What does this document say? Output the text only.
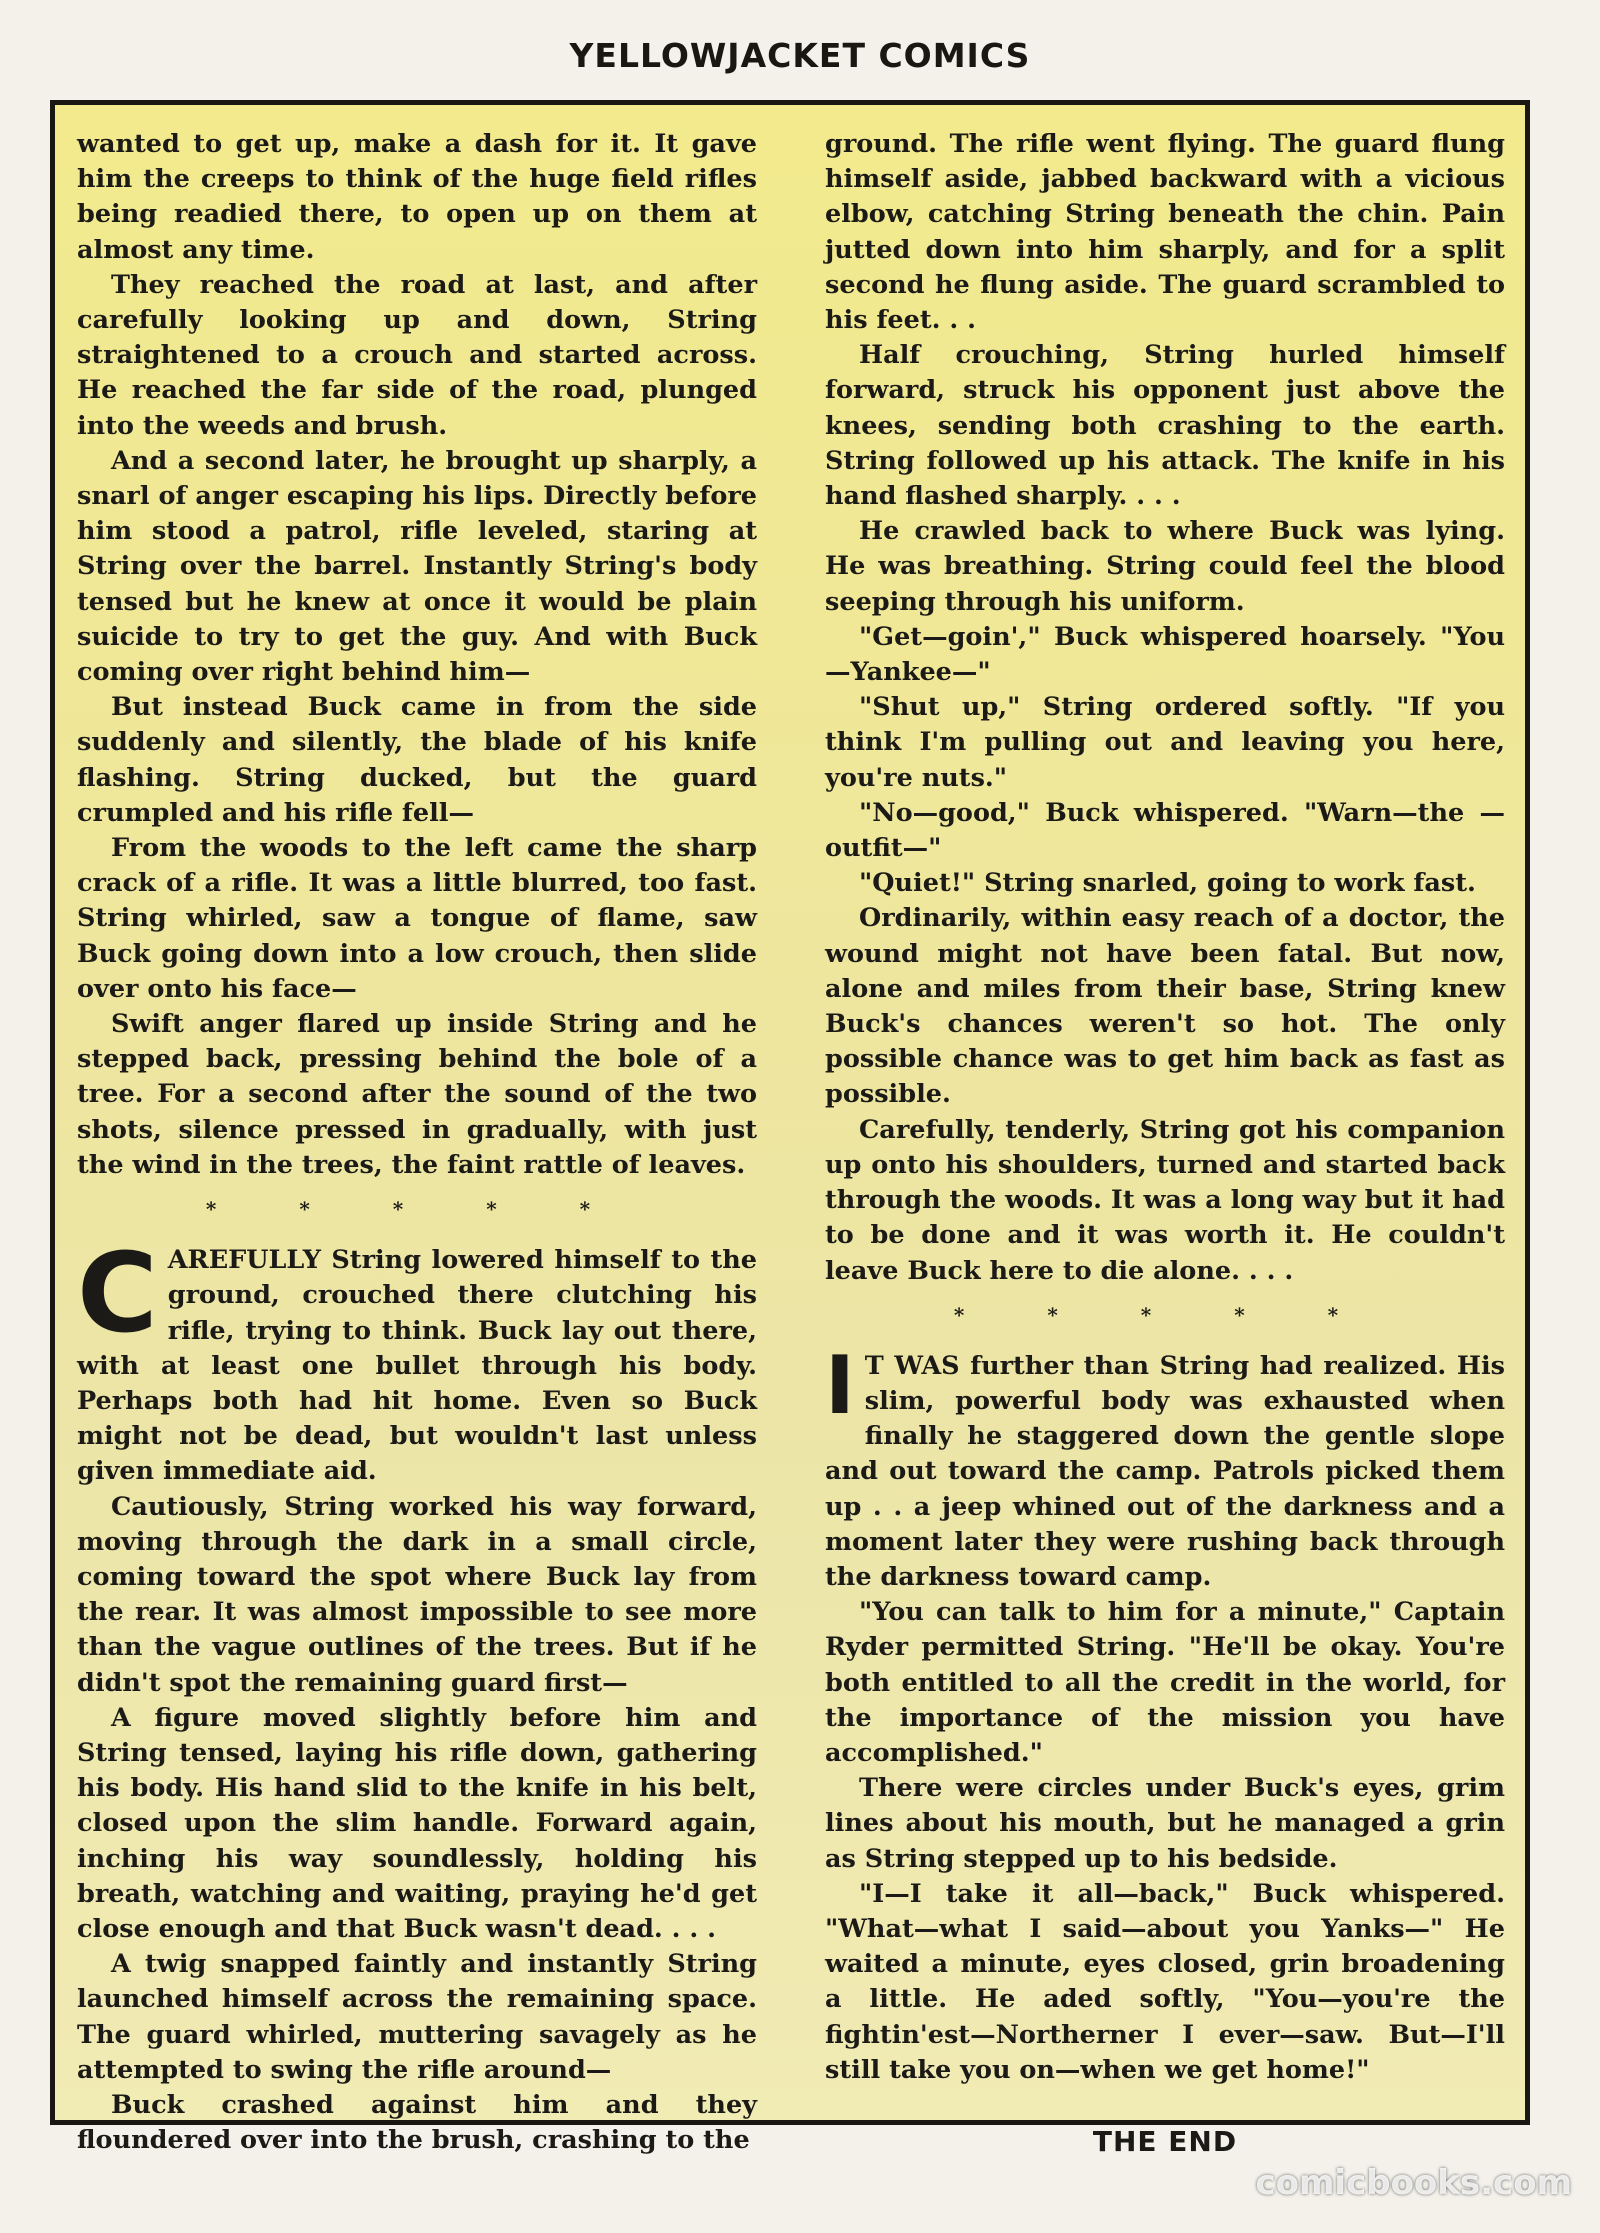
YELLOWJACKET COMICS

wanted to get up, make a dash for it. It gave him the creeps to think of the huge field rifles being readied there, to open up on them at almost any time.

They reached the road at last, and after carefully looking up and down, String straightened to a crouch and started across. He reached the far side of the road, plunged into the weeds and brush.

And a second later, he brought up sharply, a snarl of anger escaping his lips. Directly before him stood a patrol, rifle leveled, staring at String over the barrel. Instantly String's body tensed but he knew at once it would be plain suicide to try to get the guy. And with Buck coming over right behind him—

But instead Buck came in from the side suddenly and silently, the blade of his knife flashing. String ducked, but the guard crumpled and his rifle fell—

From the woods to the left came the sharp crack of a rifle. It was a little blurred, too fast. String whirled, saw a tongue of flame, saw Buck going down into a low crouch, then slide over onto his face—

Swift anger flared up inside String and he stepped back, pressing behind the bole of a tree. For a second after the sound of the two shots, silence pressed in gradually, with just the wind in the trees, the faint rattle of leaves.

* * * * *

CAREFULLY String lowered himself to the ground, crouched there clutching his rifle, trying to think. Buck lay out there, with at least one bullet through his body. Perhaps both had hit home. Even so Buck might not be dead, but wouldn't last unless given immediate aid.

Cautiously, String worked his way forward, moving through the dark in a small circle, coming toward the spot where Buck lay from the rear. It was almost impossible to see more than the vague outlines of the trees. But if he didn't spot the remaining guard first—

A figure moved slightly before him and String tensed, laying his rifle down, gathering his body. His hand slid to the knife in his belt, closed upon the slim handle. Forward again, inching his way soundlessly, holding his breath, watching and waiting, praying he'd get close enough and that Buck wasn't dead. . . .

A twig snapped faintly and instantly String launched himself across the remaining space. The guard whirled, muttering savagely as he attempted to swing the rifle around—

Buck crashed against him and they floundered over into the brush, crashing to the

ground. The rifle went flying. The guard flung himself aside, jabbed backward with a vicious elbow, catching String beneath the chin. Pain jutted down into him sharply, and for a split second he flung aside. The guard scrambled to his feet. . .

Half crouching, String hurled himself forward, struck his opponent just above the knees, sending both crashing to the earth. String followed up his attack. The knife in his hand flashed sharply. . . .

He crawled back to where Buck was lying. He was breathing. String could feel the blood seeping through his uniform.

"Get—goin'," Buck whispered hoarsely. "You—Yankee—"

"Shut up," String ordered softly. "If you think I'm pulling out and leaving you here, you're nuts."

"No—good," Buck whispered. "Warn—the —outfit—"

"Quiet!" String snarled, going to work fast.

Ordinarily, within easy reach of a doctor, the wound might not have been fatal. But now, alone and miles from their base, String knew Buck's chances weren't so hot. The only possible chance was to get him back as fast as possible.

Carefully, tenderly, String got his companion up onto his shoulders, turned and started back through the woods. It was a long way but it had to be done and it was worth it. He couldn't leave Buck here to die alone. . . .

* * * * *

I T WAS further than String had realized. His slim, powerful body was exhausted when finally he staggered down the gentle slope and out toward the camp. Patrols picked them up . . a jeep whined out of the darkness and a moment later they were rushing back through the darkness toward camp.

"You can talk to him for a minute," Captain Ryder permitted String. "He'll be okay. You're both entitled to all the credit in the world, for the importance of the mission you have accomplished."

There were circles under Buck's eyes, grim lines about his mouth, but he managed a grin as String stepped up to his bedside.

"I—I take it all—back," Buck whispered. "What—what I said—about you Yanks—" He waited a minute, eyes closed, grin broadening a little. He aded softly, "You—you're the fightin'est—Northerner I ever—saw. But—I'll still take you on—when we get home!"

THE END
comicbooks.com
